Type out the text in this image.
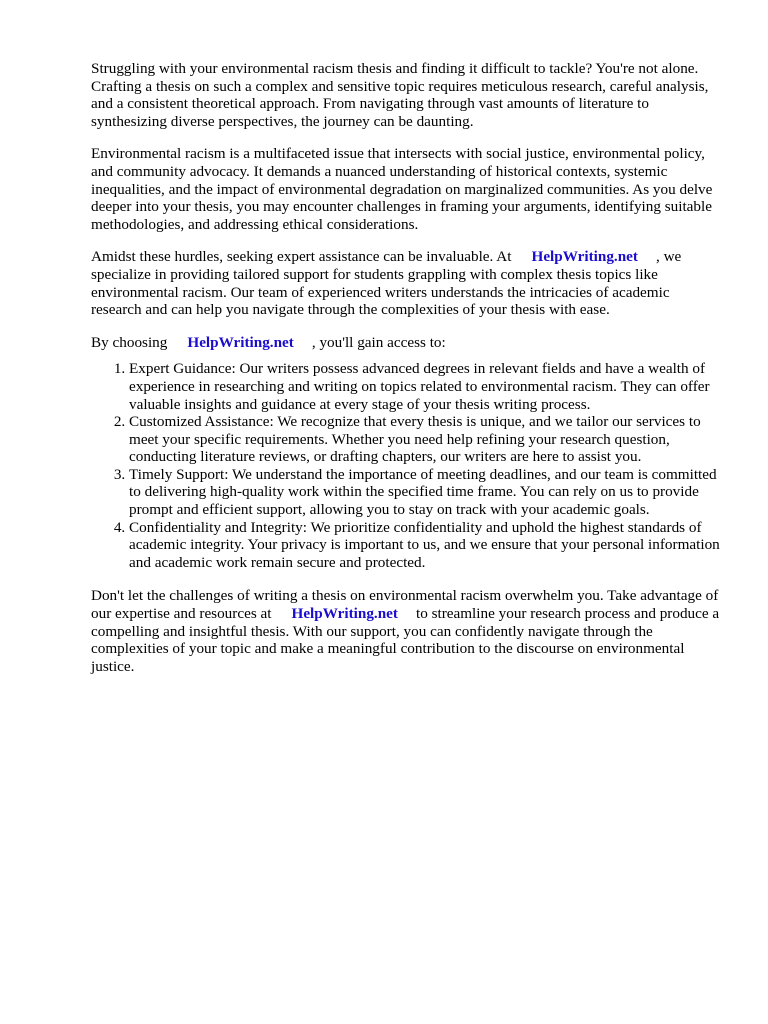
Struggling with your environmental racism thesis and finding it difficult to tackle? You're not alone. Crafting a thesis on such a complex and sensitive topic requires meticulous research, careful analysis, and a consistent theoretical approach. From navigating through vast amounts of literature to synthesizing diverse perspectives, the journey can be daunting.

Environmental racism is a multifaceted issue that intersects with social justice, environmental policy, and community advocacy. It demands a nuanced understanding of historical contexts, systemic inequalities, and the impact of environmental degradation on marginalized communities. As you delve deeper into your thesis, you may encounter challenges in framing your arguments, identifying suitable methodologies, and addressing ethical considerations.

Amidst these hurdles, seeking expert assistance can be invaluable. At HelpWriting.net , we specialize in providing tailored support for students grappling with complex thesis topics like environmental racism. Our team of experienced writers understands the intricacies of academic research and can help you navigate through the complexities of your thesis with ease.

By choosing HelpWriting.net , you'll gain access to:

1. Expert Guidance: Our writers possess advanced degrees in relevant fields and have a wealth of experience in researching and writing on topics related to environmental racism. They can offer valuable insights and guidance at every stage of your thesis writing process.
2. Customized Assistance: We recognize that every thesis is unique, and we tailor our services to meet your specific requirements. Whether you need help refining your research question, conducting literature reviews, or drafting chapters, our writers are here to assist you.
3. Timely Support: We understand the importance of meeting deadlines, and our team is committed to delivering high-quality work within the specified time frame. You can rely on us to provide prompt and efficient support, allowing you to stay on track with your academic goals.
4. Confidentiality and Integrity: We prioritize confidentiality and uphold the highest standards of academic integrity. Your privacy is important to us, and we ensure that your personal information and academic work remain secure and protected.

Don't let the challenges of writing a thesis on environmental racism overwhelm you. Take advantage of our expertise and resources at HelpWriting.net to streamline your research process and produce a compelling and insightful thesis. With our support, you can confidently navigate through the complexities of your topic and make a meaningful contribution to the discourse on environmental justice.
